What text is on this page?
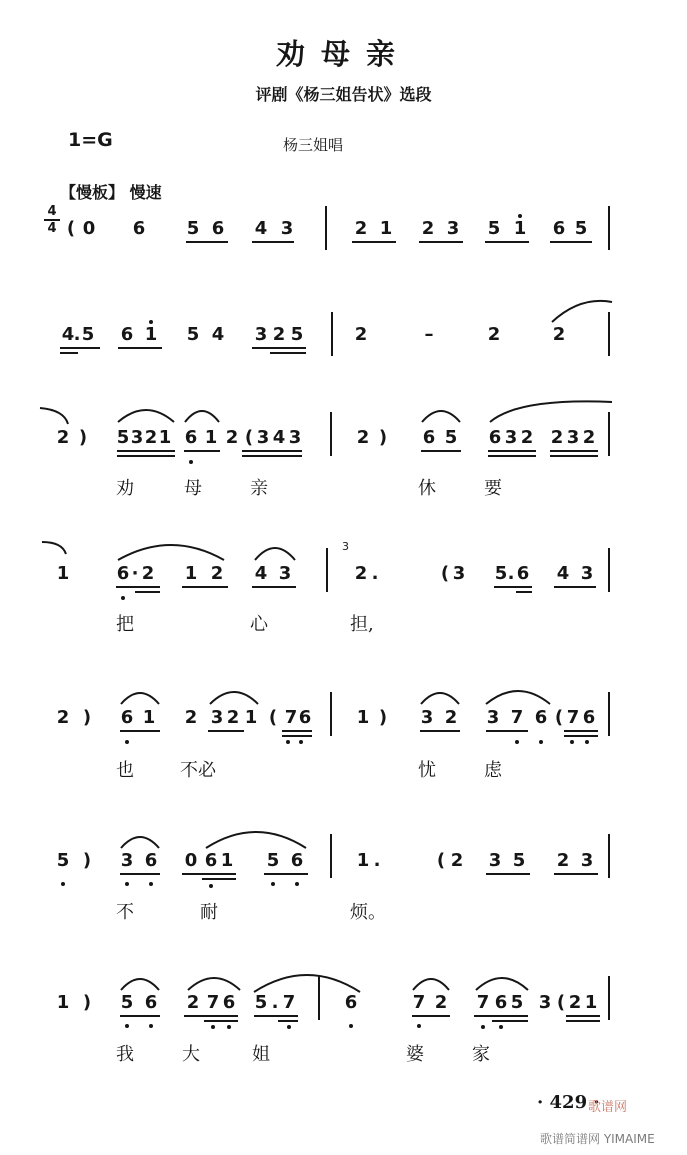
劝母亲
评剧《杨三姐告状》选段
1=G	杨三姐唱
【慢板】 慢速
4
4 ( 0 6 5 6 4 3	2 1 2 3 5 1 6 5
4 . 5 6 1 5 4 3 2 5	2	–	2	2
2 )	5 3 2 1 6 1 2 ( 3 4 3	2 )	6 5 6 3 2 2 3 2
劝	母	亲	休	要
1	6 · 2 1 2 4 3
3
2 .	( 3 5 . 6 4 3
把	心	担,
2 )	6 1 2 3 2 1 ( 7 6	1 )	3 2 3 7 6 ( 7 6
也	不必	忧	虑
5 )	3 6 0 6 1 5 6	1 .	( 2 3 5 2 3
不	耐	烦。
1 )	5 6 2 7 6 5 . 7	6	7 2 7 6 5 3 ( 2 1
我	大	姐	婆	家
· 429 ·
歌谱网
歌谱简谱网 YIMAIME
